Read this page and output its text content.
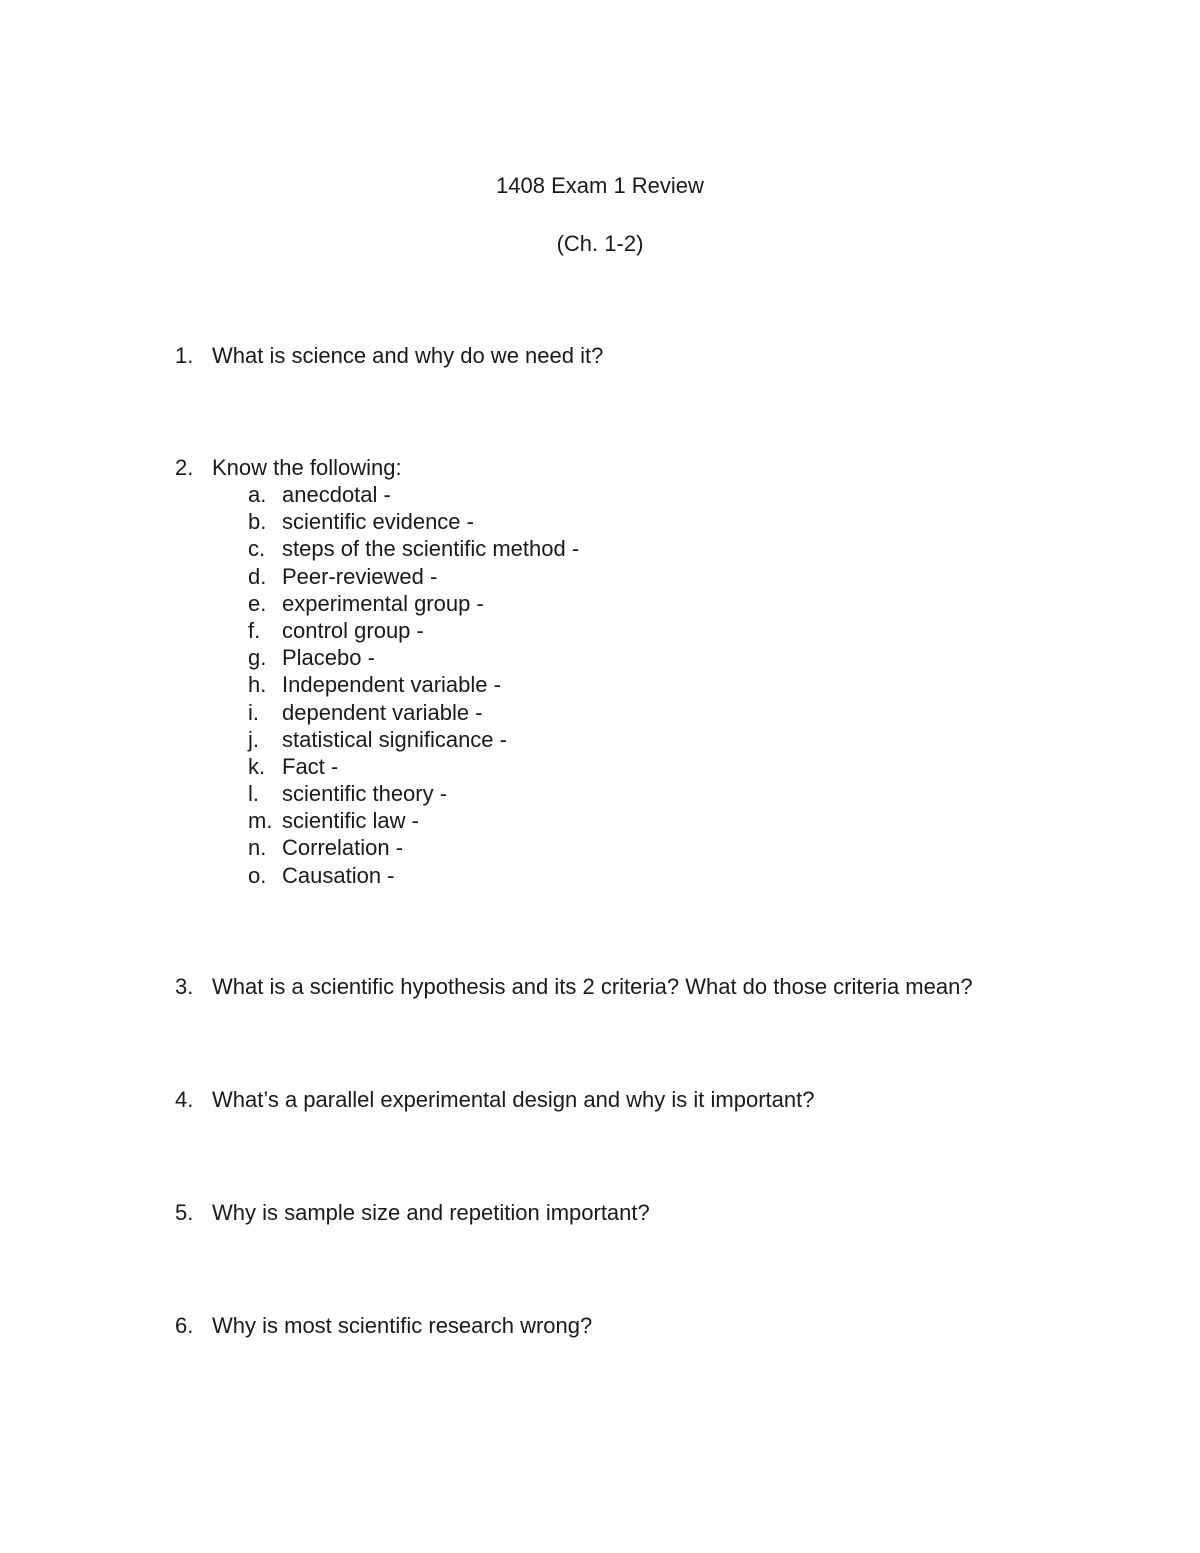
1408 Exam 1 Review
(Ch. 1-2)
1. What is science and why do we need it?
2. Know the following:
a. anecdotal -
b. scientific evidence -
c. steps of the scientific method -
d. Peer-reviewed -
e. experimental group -
f. control group -
g. Placebo -
h. Independent variable -
i.	dependent variable -
j.	statistical significance -
k. Fact -
l.	scientific theory -
m. scientific law -
n. Correlation -
o. Causation -
3. What is a scientific hypothesis and its 2 criteria? What do those criteria mean?
4. What’s a parallel experimental design and why is it important?
5. Why is sample size and repetition important?
6. Why is most scientific research wrong?
